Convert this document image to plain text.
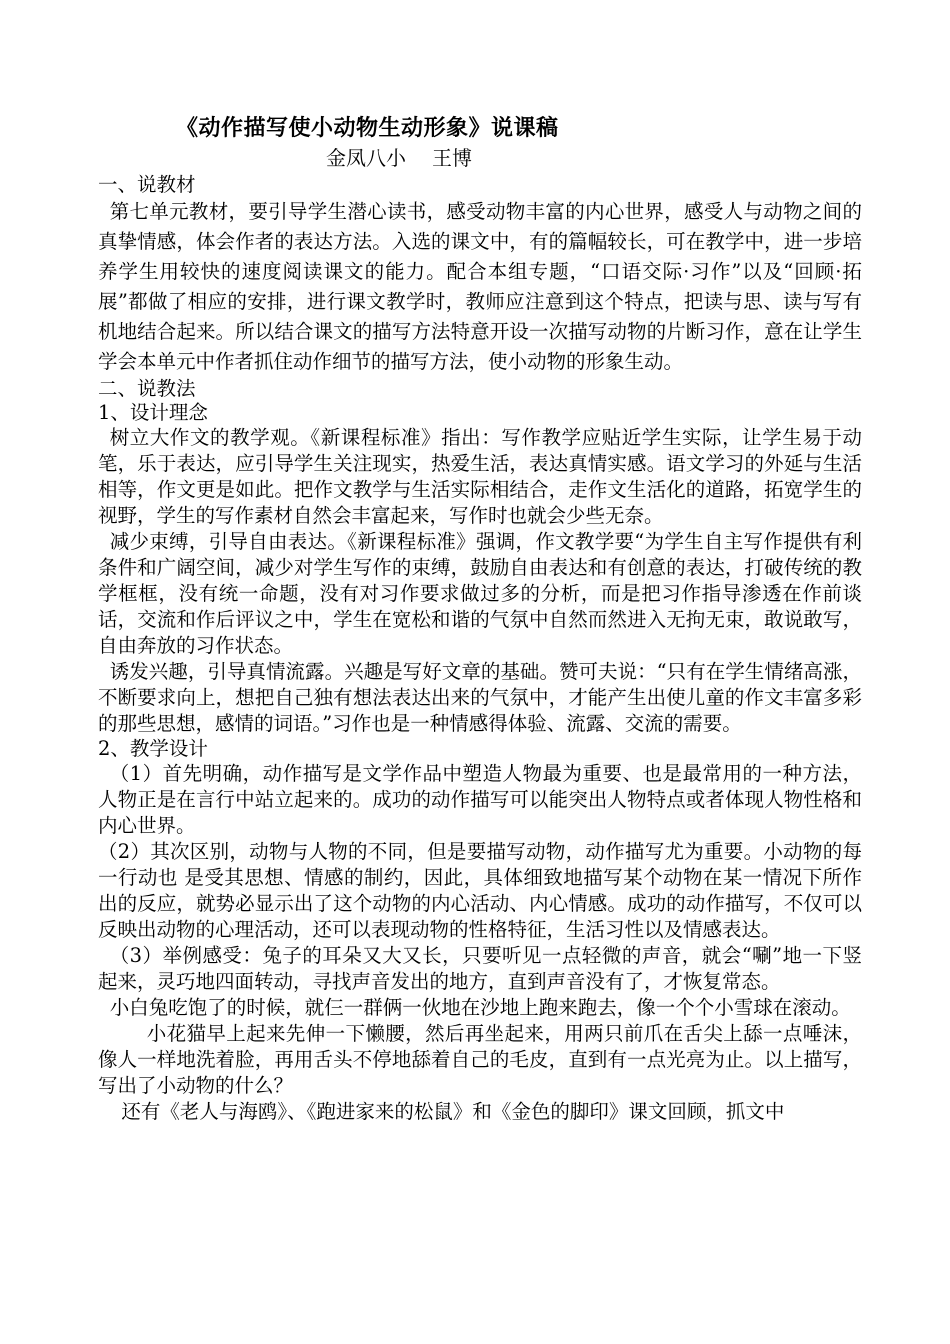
《动作描写使小动物生动形象》说课稿
金凤八小 王博
一、说教材
第七单元教材，要引导学生潜心读书，感受动物丰富的内心世界，感受人与动物之间的真挚情感，体会作者的表达方法。入选的课文中，有的篇幅较长，可在教学中，进一步培养学生用较快的速度阅读课文的能力。配合本组专题，“口语交际·习作”以及“回顾·拓展”都做了相应的安排，进行课文教学时，教师应注意到这个特点，把读与思、读与写有机地结合起来。所以结合课文的描写方法特意开设一次描写动物的片断习作，意在让学生学会本单元中作者抓住动作细节的描写方法，使小动物的形象生动。
二、说教法
1、设计理念
树立大作文的教学观。《新课程标准》指出：写作教学应贴近学生实际，让学生易于动笔，乐于表达，应引导学生关注现实，热爱生活，表达真情实感。语文学习的外延与生活相等，作文更是如此。把作文教学与生活实际相结合，走作文生活化的道路，拓宽学生的视野，学生的写作素材自然会丰富起来，写作时也就会少些无奈。
减少束缚，引导自由表达。《新课程标准》强调，作文教学要“为学生自主写作提供有利条件和广阔空间，减少对学生写作的束缚，鼓励自由表达和有创意的表达，打破传统的教学框框，没有统一命题，没有对习作要求做过多的分析，而是把习作指导渗透在作前谈话，交流和作后评议之中，学生在宽松和谐的气氛中自然而然进入无拘无束，敢说敢写，自由奔放的习作状态。
诱发兴趣，引导真情流露。兴趣是写好文章的基础。赞可夫说：“只有在学生情绪高涨，不断要求向上，想把自己独有想法表达出来的气氛中，才能产生出使儿童的作文丰富多彩的那些思想，感情的词语。”习作也是一种情感得体验、流露、交流的需要。
2、教学设计
（1）首先明确，动作描写是文学作品中塑造人物最为重要、也是最常用的一种方法，人物正是在言行中站立起来的。成功的动作描写可以能突出人物特点或者体现人物性格和内心世界。
（2）其次区别，动物与人物的不同，但是要描写动物，动作描写尤为重要。小动物的每一行动也 是受其思想、情感的制约，因此，具体细致地描写某个动物在某一情况下所作出的反应，就势必显示出了这个动物的内心活动、内心情感。成功的动作描写，不仅可以反映出动物的心理活动，还可以表现动物的性格特征，生活习性以及情感表达。
（3）举例感受：兔子的耳朵又大又长，只要听见一点轻微的声音，就会“唰”地一下竖起来，灵巧地四面转动，寻找声音发出的地方，直到声音没有了，才恢复常态。
小白兔吃饱了的时候，就仨一群俩一伙地在沙地上跑来跑去，像一个个小雪球在滚动。
小花猫早上起来先伸一下懒腰，然后再坐起来，用两只前爪在舌尖上舔一点唾沫，像人一样地洗着脸，再用舌头不停地舔着自己的毛皮，直到有一点光亮为止。以上描写，写出了小动物的什么？
还有《老人与海鸥》、《跑进家来的松鼠》和《金色的脚印》课文回顾，抓文中
